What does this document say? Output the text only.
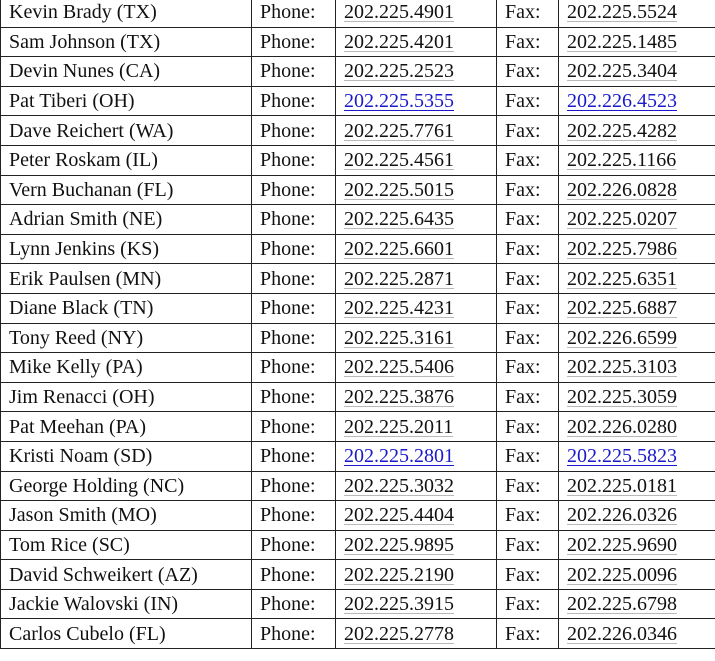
Kevin Brady (TX)	Phone:	202.225.4901	Fax:	202.225.5524
Sam Johnson (TX)	Phone:	202.225.4201	Fax:	202.225.1485
Devin Nunes (CA)	Phone:	202.225.2523	Fax:	202.225.3404
Pat Tiberi (OH)	Phone:	202.225.5355	Fax:	202.226.4523
Dave Reichert (WA)	Phone:	202.225.7761	Fax:	202.225.4282
Peter Roskam (IL)	Phone:	202.225.4561	Fax:	202.225.1166
Vern Buchanan (FL)	Phone:	202.225.5015	Fax:	202.226.0828
Adrian Smith (NE)	Phone:	202.225.6435	Fax:	202.225.0207
Lynn Jenkins (KS)	Phone:	202.225.6601	Fax:	202.225.7986
Erik Paulsen (MN)	Phone:	202.225.2871	Fax:	202.225.6351
Diane Black (TN)	Phone:	202.225.4231	Fax:	202.225.6887
Tony Reed (NY)	Phone:	202.225.3161	Fax:	202.226.6599
Mike Kelly (PA)	Phone:	202.225.5406	Fax:	202.225.3103
Jim Renacci (OH)	Phone:	202.225.3876	Fax:	202.225.3059
Pat Meehan (PA)	Phone:	202.225.2011	Fax:	202.226.0280
Kristi Noam (SD)	Phone:	202.225.2801	Fax:	202.225.5823
George Holding (NC)	Phone:	202.225.3032	Fax:	202.225.0181
Jason Smith (MO)	Phone:	202.225.4404	Fax:	202.226.0326
Tom Rice (SC)	Phone:	202.225.9895	Fax:	202.225.9690
David Schweikert (AZ)	Phone:	202.225.2190	Fax:	202.225.0096
Jackie Walovski (IN)	Phone:	202.225.3915	Fax:	202.225.6798
Carlos Cubelo (FL)	Phone:	202.225.2778	Fax:	202.226.0346
